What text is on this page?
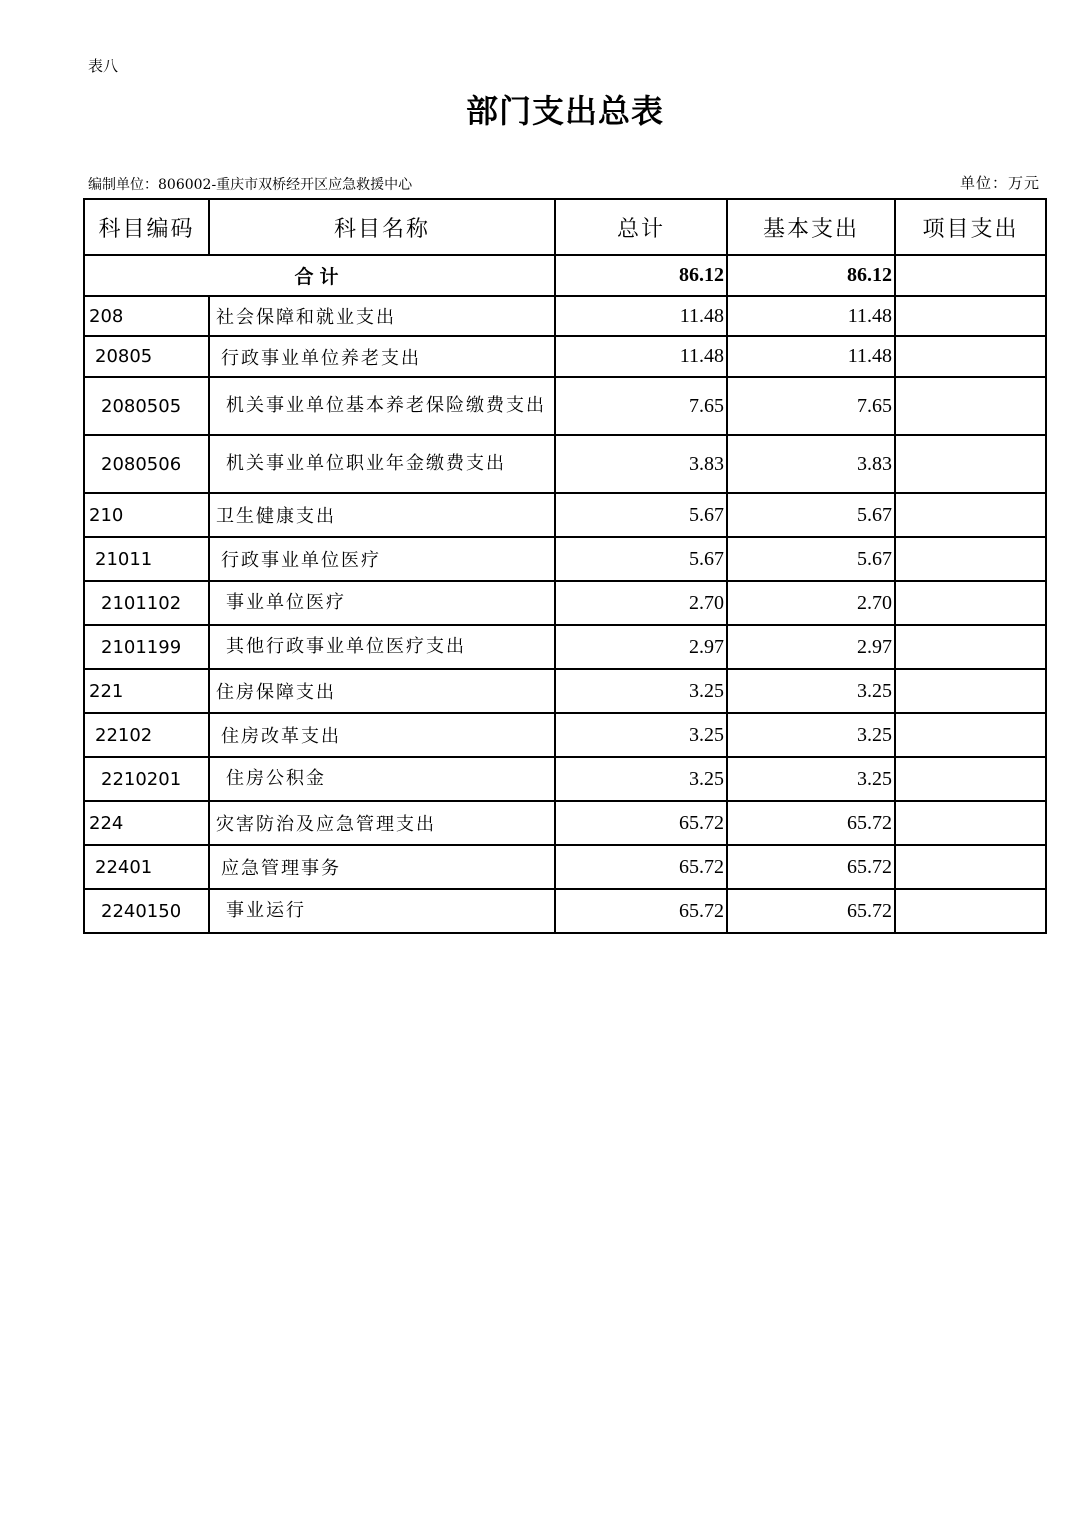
表八
部门支出总表
编制单位：806002-重庆市双桥经开区应急救援中心	单位：万元
科目编码	科目名称	总计	基本支出	项目支出
合计		86.12	86.12	
208	社会保障和就业支出	11.48	11.48	
20805	行政事业单位养老支出	11.48	11.48	
2080505	机关事业单位基本养老保险缴费支出	7.65	7.65	
2080506	机关事业单位职业年金缴费支出	3.83	3.83	
210	卫生健康支出	5.67	5.67	
21011	行政事业单位医疗	5.67	5.67	
2101102	事业单位医疗	2.70	2.70	
2101199	其他行政事业单位医疗支出	2.97	2.97	
221	住房保障支出	3.25	3.25	
22102	住房改革支出	3.25	3.25	
2210201	住房公积金	3.25	3.25	
224	灾害防治及应急管理支出	65.72	65.72	
22401	应急管理事务	65.72	65.72	
2240150	事业运行	65.72	65.72	
